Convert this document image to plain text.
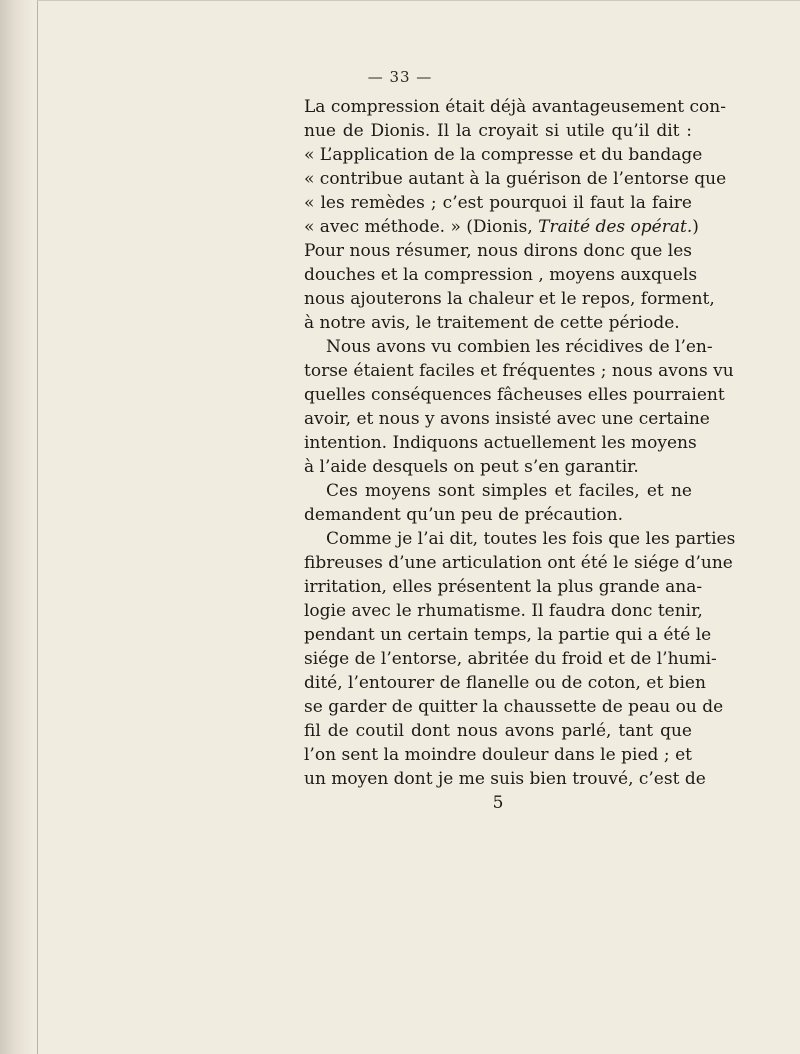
— 33 —
La compression était déjà avantageusement con-
nue de Dionis. Il la croyait si utile qu’il dit :
« L’application de la compresse et du bandage
« contribue autant à la guérison de l’entorse que
« les remèdes ; c’est pourquoi il faut la faire
« avec méthode. » (Dionis, Traité des opérat.)
Pour nous résumer, nous dirons donc que les
douches et la compression , moyens auxquels
nous ajouterons la chaleur et le repos, forment,
à notre avis, le traitement de cette période.
Nous avons vu combien les récidives de l’en-
torse étaient faciles et fréquentes ; nous avons vu
quelles conséquences fâcheuses elles pourraient
avoir, et nous y avons insisté avec une certaine
intention. Indiquons actuellement les moyens
à l’aide desquels on peut s’en garantir.
Ces moyens sont simples et faciles, et ne
demandent qu’un peu de précaution.
Comme je l’ai dit, toutes les fois que les parties
fibreuses d’une articulation ont été le siége d’une
irritation, elles présentent la plus grande ana-
logie avec le rhumatisme. Il faudra donc tenir,
pendant un certain temps, la partie qui a été le
siége de l’entorse, abritée du froid et de l’humi-
dité, l’entourer de flanelle ou de coton, et bien
se garder de quitter la chaussette de peau ou de
fil de coutil dont nous avons parlé, tant que
l’on sent la moindre douleur dans le pied ; et
un moyen dont je me suis bien trouvé, c’est de
5
